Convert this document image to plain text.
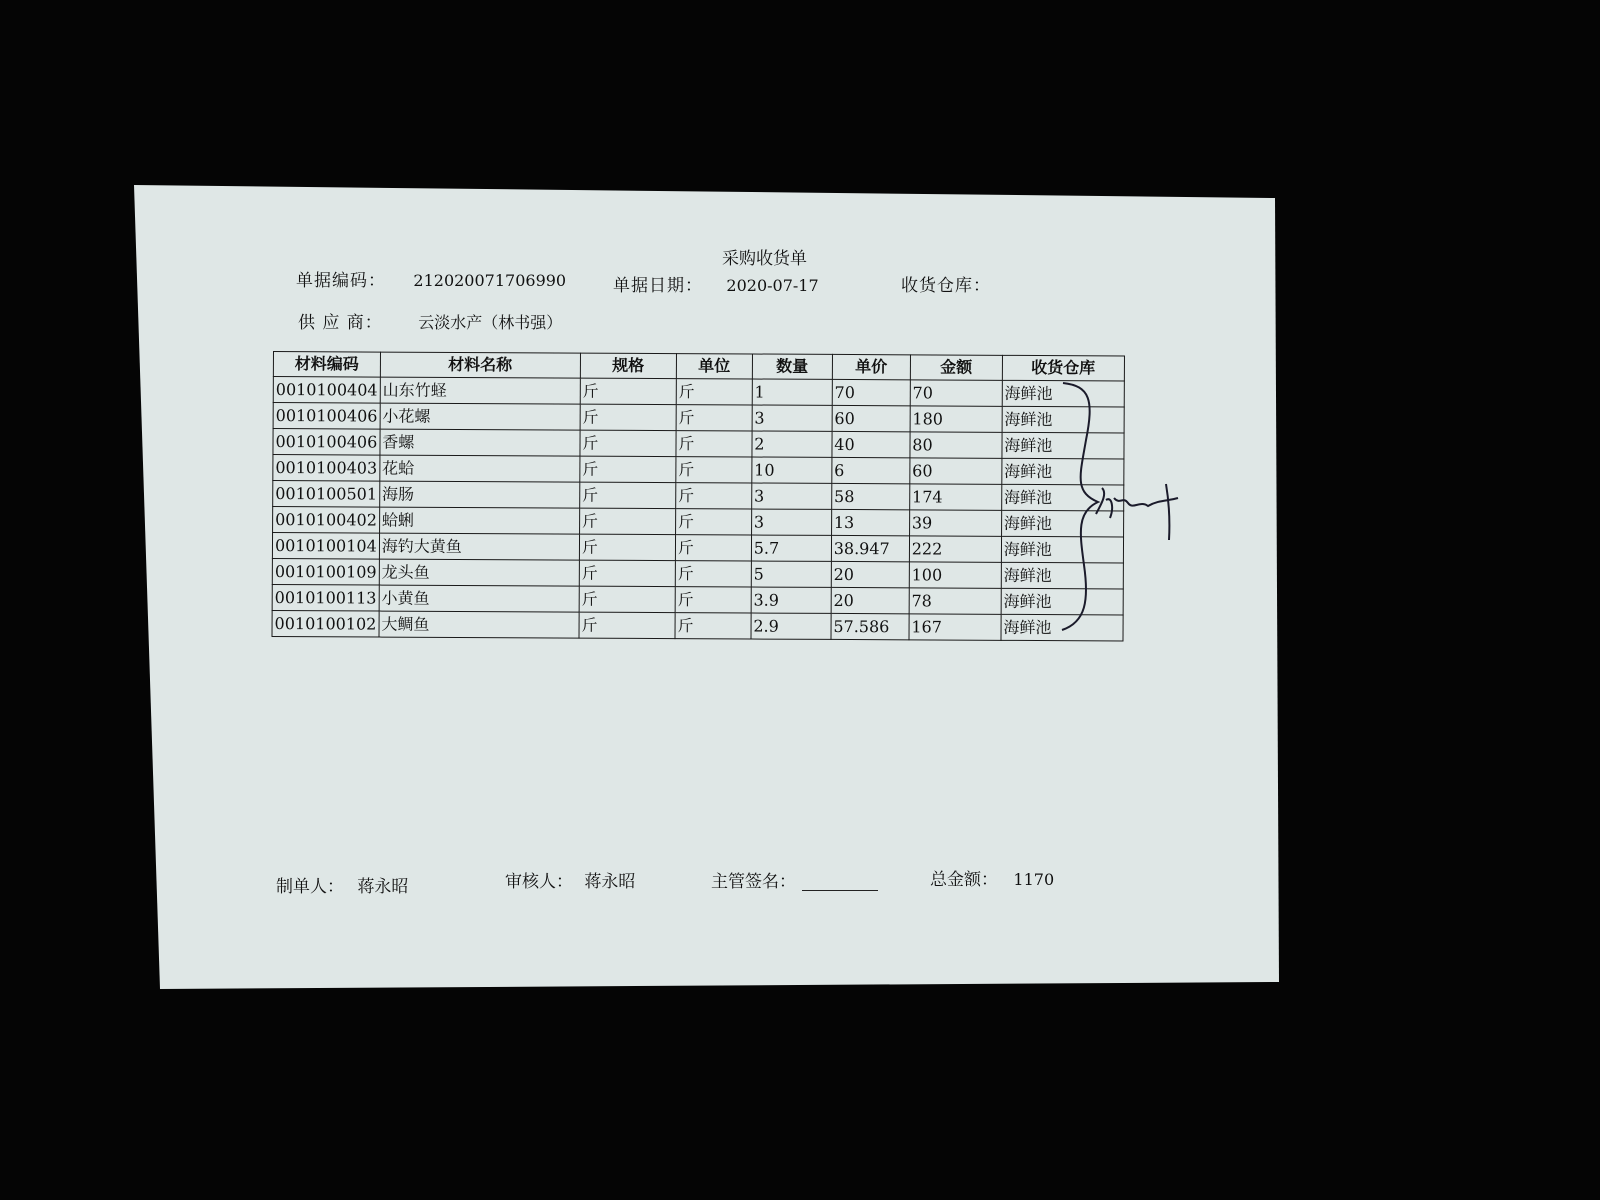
采购收货单
单据编码： 212020071706990	单据日期： 2020-07-17	收货仓库：
供 应 商： 云淡水产（林书强）
材料编码	材料名称	规格	单位	数量	单价	金额	收货仓库
0010100404	山东竹蛏	斤	斤	1	70	70	海鲜池
0010100406	小花螺	斤	斤	3	60	180	海鲜池
0010100406	香螺	斤	斤	2	40	80	海鲜池
0010100403	花蛤	斤	斤	10	6	60	海鲜池
0010100501	海肠	斤	斤	3	58	174	海鲜池
0010100402	蛤蜊	斤	斤	3	13	39	海鲜池
0010100104	海钓大黄鱼	斤	斤	5.7	38.947	222	海鲜池
0010100109	龙头鱼	斤	斤	5	20	100	海鲜池
0010100113	小黄鱼	斤	斤	3.9	20	78	海鲜池
0010100102	大鲷鱼	斤	斤	2.9	57.586	167	海鲜池
制单人： 蒋永昭	审核人： 蒋永昭	主管签名：	总金额： 1170
